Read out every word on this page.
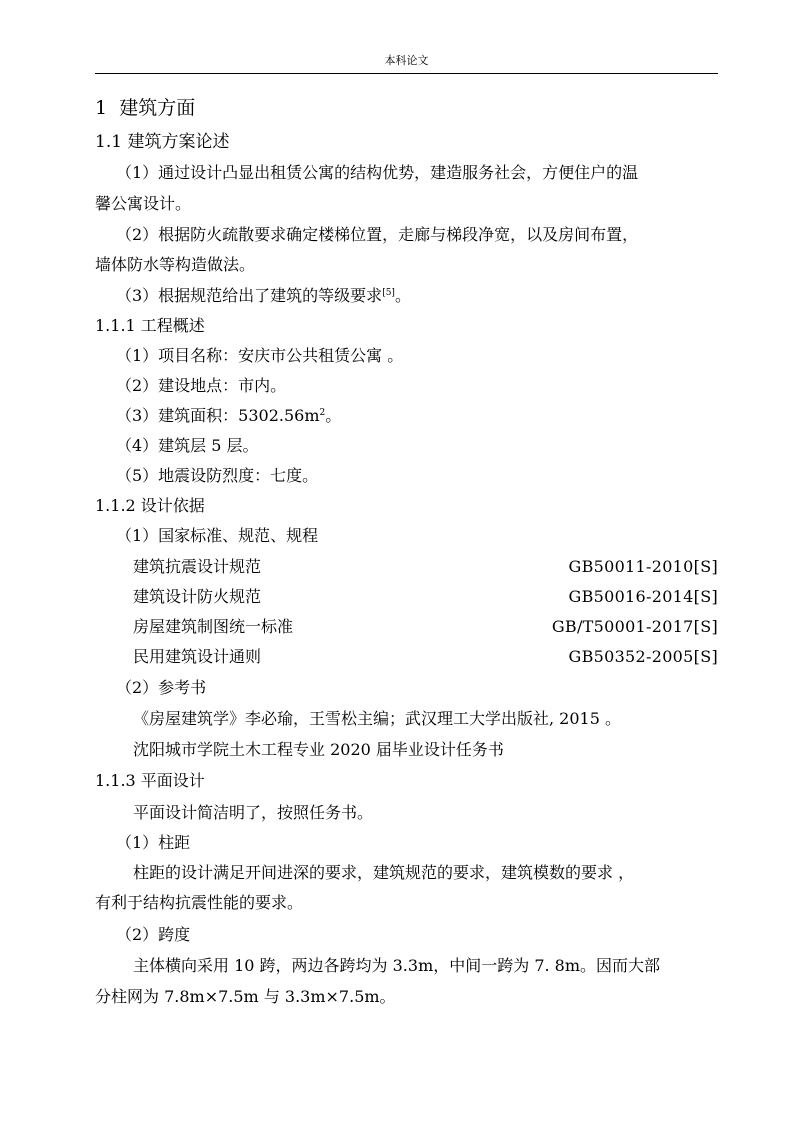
本科论文
1 建筑方面
1.1 建筑方案论述
（1）通过设计凸显出租赁公寓的结构优势，建造服务社会，方便住户的温
馨公寓设计。
（2）根据防火疏散要求确定楼梯位置，走廊与梯段净宽，以及房间布置，
墙体防水等构造做法。
（3）根据规范给出了建筑的等级要求[5]。
1.1.1 工程概述
（1）项目名称：安庆市公共租赁公寓 。
（2）建设地点：市内。
（3）建筑面积：$5302.56m^2$。
（4）建筑层 5 层。
（5）地震设防烈度：七度。
1.1.2 设计依据
（1）国家标准、规范、规程
建筑抗震设计规范	GB50011-2010[S]
建筑设计防火规范	GB50016-2014[S]
房屋建筑制图统一标准	GB/T50001-2017[S]
民用建筑设计通则	GB50352-2005[S]
（2）参考书
《房屋建筑学》李必瑜，王雪松主编；武汉理工大学出版社, 2015 。
沈阳城市学院土木工程专业 2020 届毕业设计任务书
1.1.3 平面设计
平面设计简洁明了，按照任务书。
（1）柱距
柱距的设计满足开间进深的要求，建筑规范的要求，建筑模数的要求 ，
有利于结构抗震性能的要求。
（2）跨度
主体横向采用 10 跨，两边各跨均为 3.3m，中间一跨为 7. 8m。因而大部
分柱网为 7.8m×7.5m 与 3.3m×7.5m。
